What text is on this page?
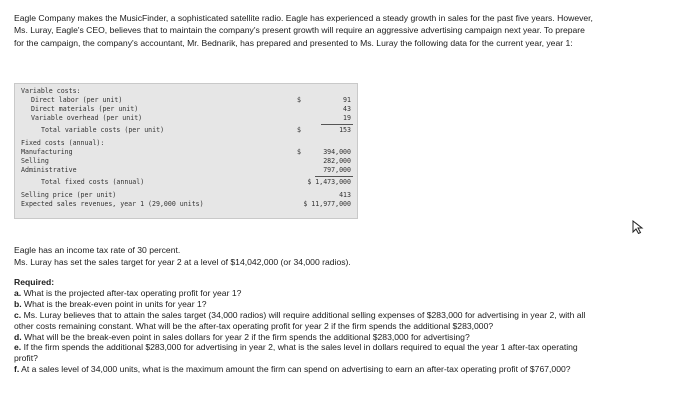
Eagle Company makes the MusicFinder, a sophisticated satellite radio. Eagle has experienced a steady growth in sales for the past five years. However, Ms. Luray, Eagle's CEO, believes that to maintain the company's present growth will require an aggressive advertising campaign next year. To prepare for the campaign, the company's accountant, Mr. Bednarik, has prepared and presented to Ms. Luray the following data for the current year, year 1:
Variable costs:
Direct labor (per unit)	$	91
Direct materials (per unit)	43
Variable overhead (per unit)	19
Total variable costs (per unit)	$	153
Fixed costs (annual):
Manufacturing	$	394,000
Selling	282,000
Administrative	797,000
Total fixed costs (annual)	$ 1,473,000
Selling price (per unit)	413
Expected sales revenues, year 1 (29,000 units)	$ 11,977,000
Eagle has an income tax rate of 30 percent.
Ms. Luray has set the sales target for year 2 at a level of $14,042,000 (or 34,000 radios).
Required:
a. What is the projected after-tax operating profit for year 1?
b. What is the break-even point in units for year 1?
c. Ms. Luray believes that to attain the sales target (34,000 radios) will require additional selling expenses of $283,000 for advertising in year 2, with all other costs remaining constant. What will be the after-tax operating profit for year 2 if the firm spends the additional $283,000?
d. What will be the break-even point in sales dollars for year 2 if the firm spends the additional $283,000 for advertising?
e. If the firm spends the additional $283,000 for advertising in year 2, what is the sales level in dollars required to equal the year 1 after-tax operating profit?
f. At a sales level of 34,000 units, what is the maximum amount the firm can spend on advertising to earn an after-tax operating profit of $767,000?
